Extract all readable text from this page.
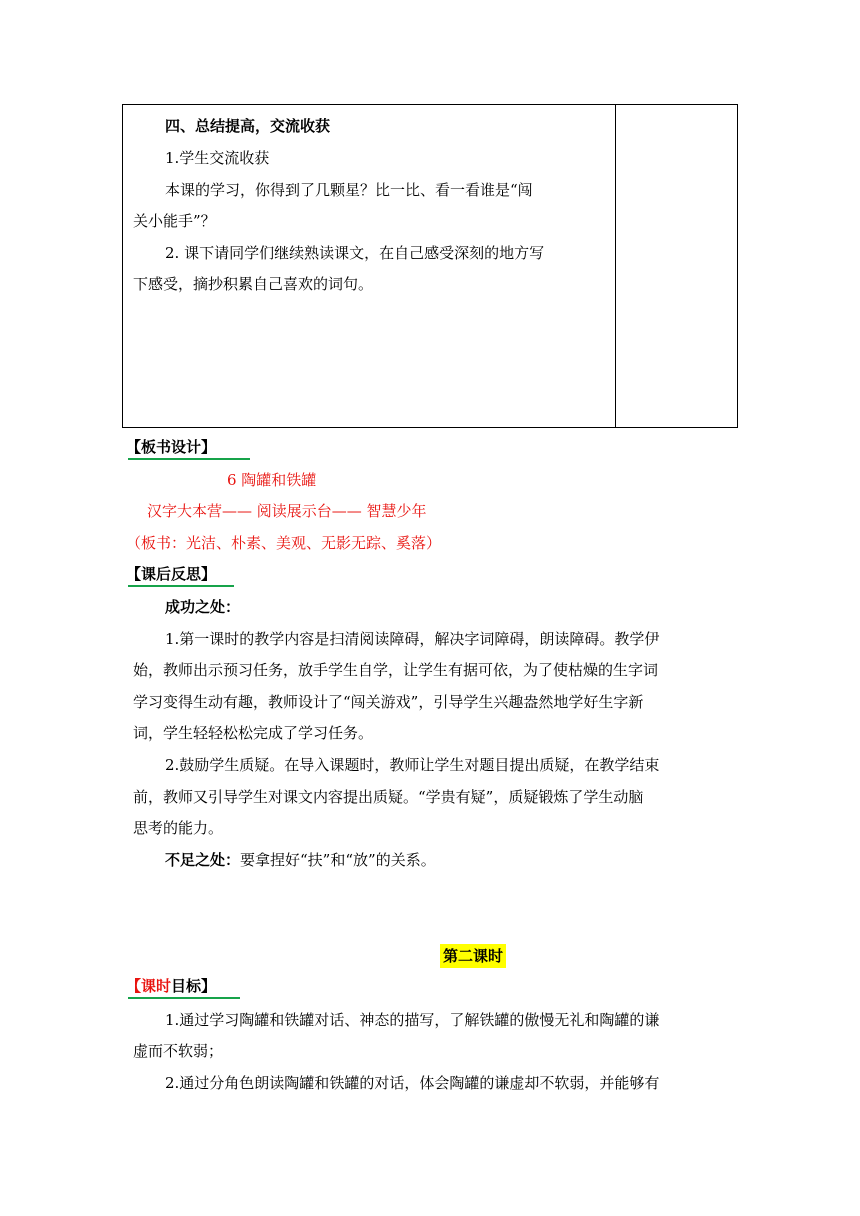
四、总结提高，交流收获
1.学生交流收获
本课的学习，你得到了几颗星？比一比、看一看谁是“闯
关小能手”？
2. 课下请同学们继续熟读课文，在自己感受深刻的地方写
下感受，摘抄积累自己喜欢的词句。
【板书设计】
6 陶罐和铁罐
汉字大本营—— 阅读展示台—— 智慧少年
（板书：光洁、朴素、美观、无影无踪、奚落）
【课后反思】
成功之处：
1.第一课时的教学内容是扫清阅读障碍，解决字词障碍，朗读障碍。教学伊
始，教师出示预习任务，放手学生自学，让学生有据可依，为了使枯燥的生字词
学习变得生动有趣，教师设计了“闯关游戏”，引导学生兴趣盎然地学好生字新
词，学生轻轻松松完成了学习任务。
2.鼓励学生质疑。在导入课题时，教师让学生对题目提出质疑，在教学结束
前，教师又引导学生对课文内容提出质疑。“学贵有疑”，质疑锻炼了学生动脑
思考的能力。
不足之处：要拿捏好“扶”和“放”的关系。
第二课时
【课时目标】
1.通过学习陶罐和铁罐对话、神态的描写，了解铁罐的傲慢无礼和陶罐的谦
虚而不软弱；
2.通过分角色朗读陶罐和铁罐的对话，体会陶罐的谦虚却不软弱，并能够有
